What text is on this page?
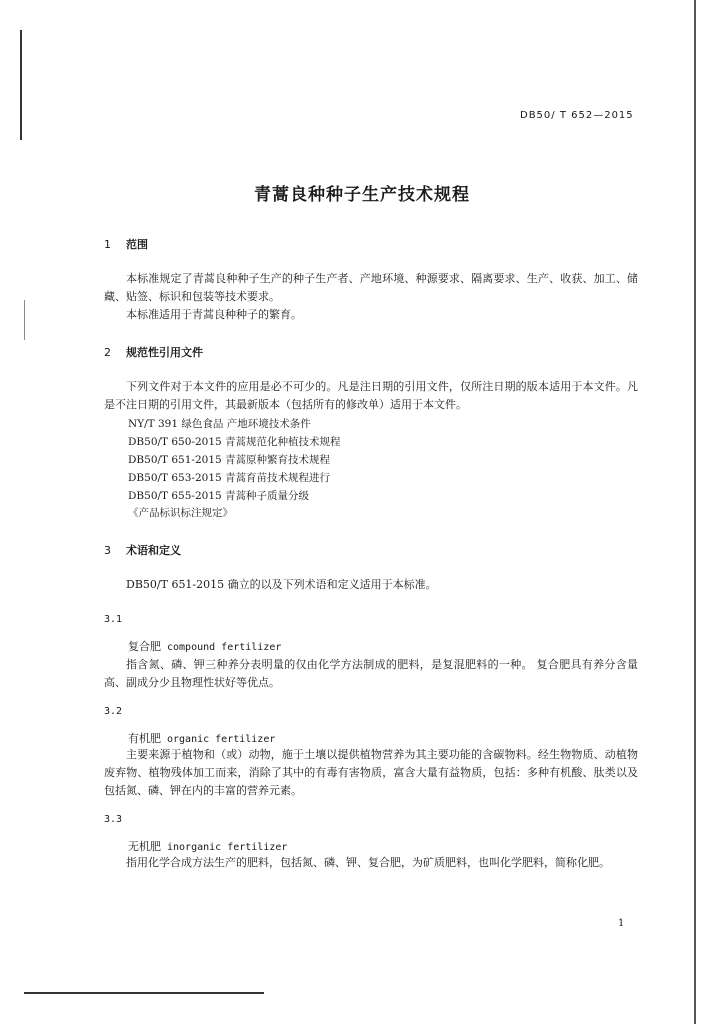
DB50/ T 652—2015
青蒿良种种子生产技术规程
1 范围
本标准规定了青蒿良种种子生产的种子生产者、产地环境、种源要求、隔离要求、生产、收获、加工、储藏、贴签、标识和包装等技术要求。
本标准适用于青蒿良种种子的繁育。
2 规范性引用文件
下列文件对于本文件的应用是必不可少的。凡是注日期的引用文件，仅所注日期的版本适用于本文件。凡是不注日期的引用文件，其最新版本（包括所有的修改单）适用于本文件。
NY/T 391 绿色食品 产地环境技术条件
DB50/T 650-2015 青蒿规范化种植技术规程
DB50/T 651-2015 青蒿原种繁育技术规程
DB50/T 653-2015 青蒿育苗技术规程进行
DB50/T 655-2015 青蒿种子质量分级
《产品标识标注规定》
3 术语和定义
DB50/T 651-2015 确立的以及下列术语和定义适用于本标准。
3.1
复合肥 compound fertilizer
指含氮、磷、钾三种养分表明量的仅由化学方法制成的肥料，是复混肥料的一种。 复合肥具有养分含量高、副成分少且物理性状好等优点。
3.2
有机肥 organic fertilizer
主要来源于植物和（或）动物，施于土壤以提供植物营养为其主要功能的含碳物料。经生物物质、动植物废弃物、植物残体加工而来，消除了其中的有毒有害物质，富含大量有益物质，包括：多种有机酸、肽类以及包括氮、磷、钾在内的丰富的营养元素。
3.3
无机肥 inorganic fertilizer
指用化学合成方法生产的肥料，包括氮、磷、钾、复合肥，为矿质肥料，也叫化学肥料，简称化肥。
1
